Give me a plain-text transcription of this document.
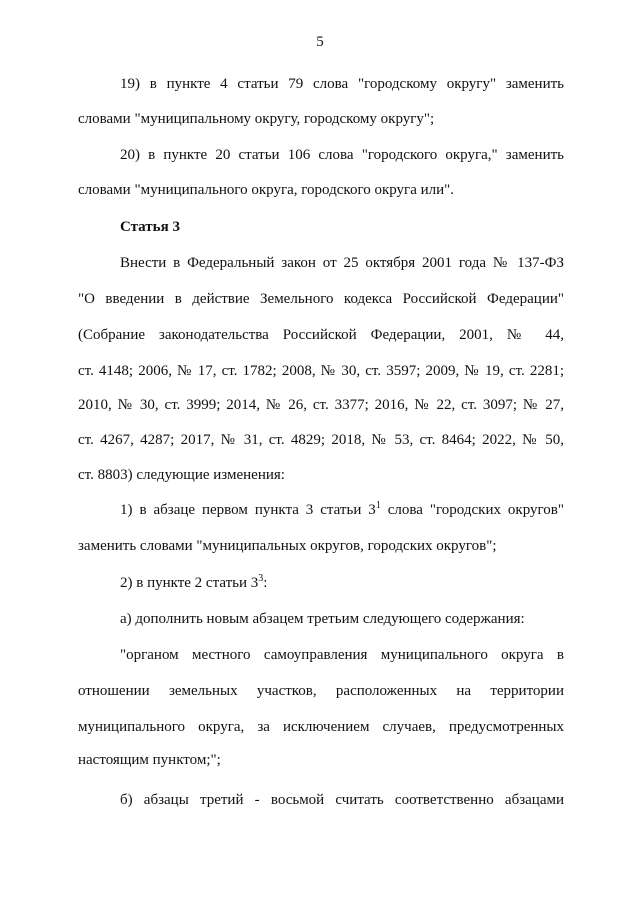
5
19) в пункте 4 статьи 79 слова "городскому округу" заменить
словами "муниципальному округу, городскому округу";
20) в пункте 20 статьи 106 слова "городского округа," заменить
словами "муниципального округа, городского округа или".
Статья 3
Внести в Федеральный закон от 25 октября 2001 года № 137-ФЗ
"О введении в действие Земельного кодекса Российской Федерации"
(Собрание законодательства Российской Федерации, 2001, № 44,
ст. 4148; 2006, № 17, ст. 1782; 2008, № 30, ст. 3597; 2009, № 19, ст. 2281;
2010, № 30, ст. 3999; 2014, № 26, ст. 3377; 2016, № 22, ст. 3097; № 27,
ст. 4267, 4287; 2017, № 31, ст. 4829; 2018, № 53, ст. 8464; 2022, № 50,
ст. 8803) следующие изменения:
1) в абзаце первом пункта 3 статьи $3^1$ слова "городских округов"
заменить словами "муниципальных округов, городских округов";
2) в пункте 2 статьи $3^3$:
а) дополнить новым абзацем третьим следующего содержания:
"органом местного самоуправления муниципального округа в
отношении земельных участков, расположенных на территории
муниципального округа, за исключением случаев, предусмотренных
настоящим пунктом;";
б) абзацы третий - восьмой считать соответственно абзацами
